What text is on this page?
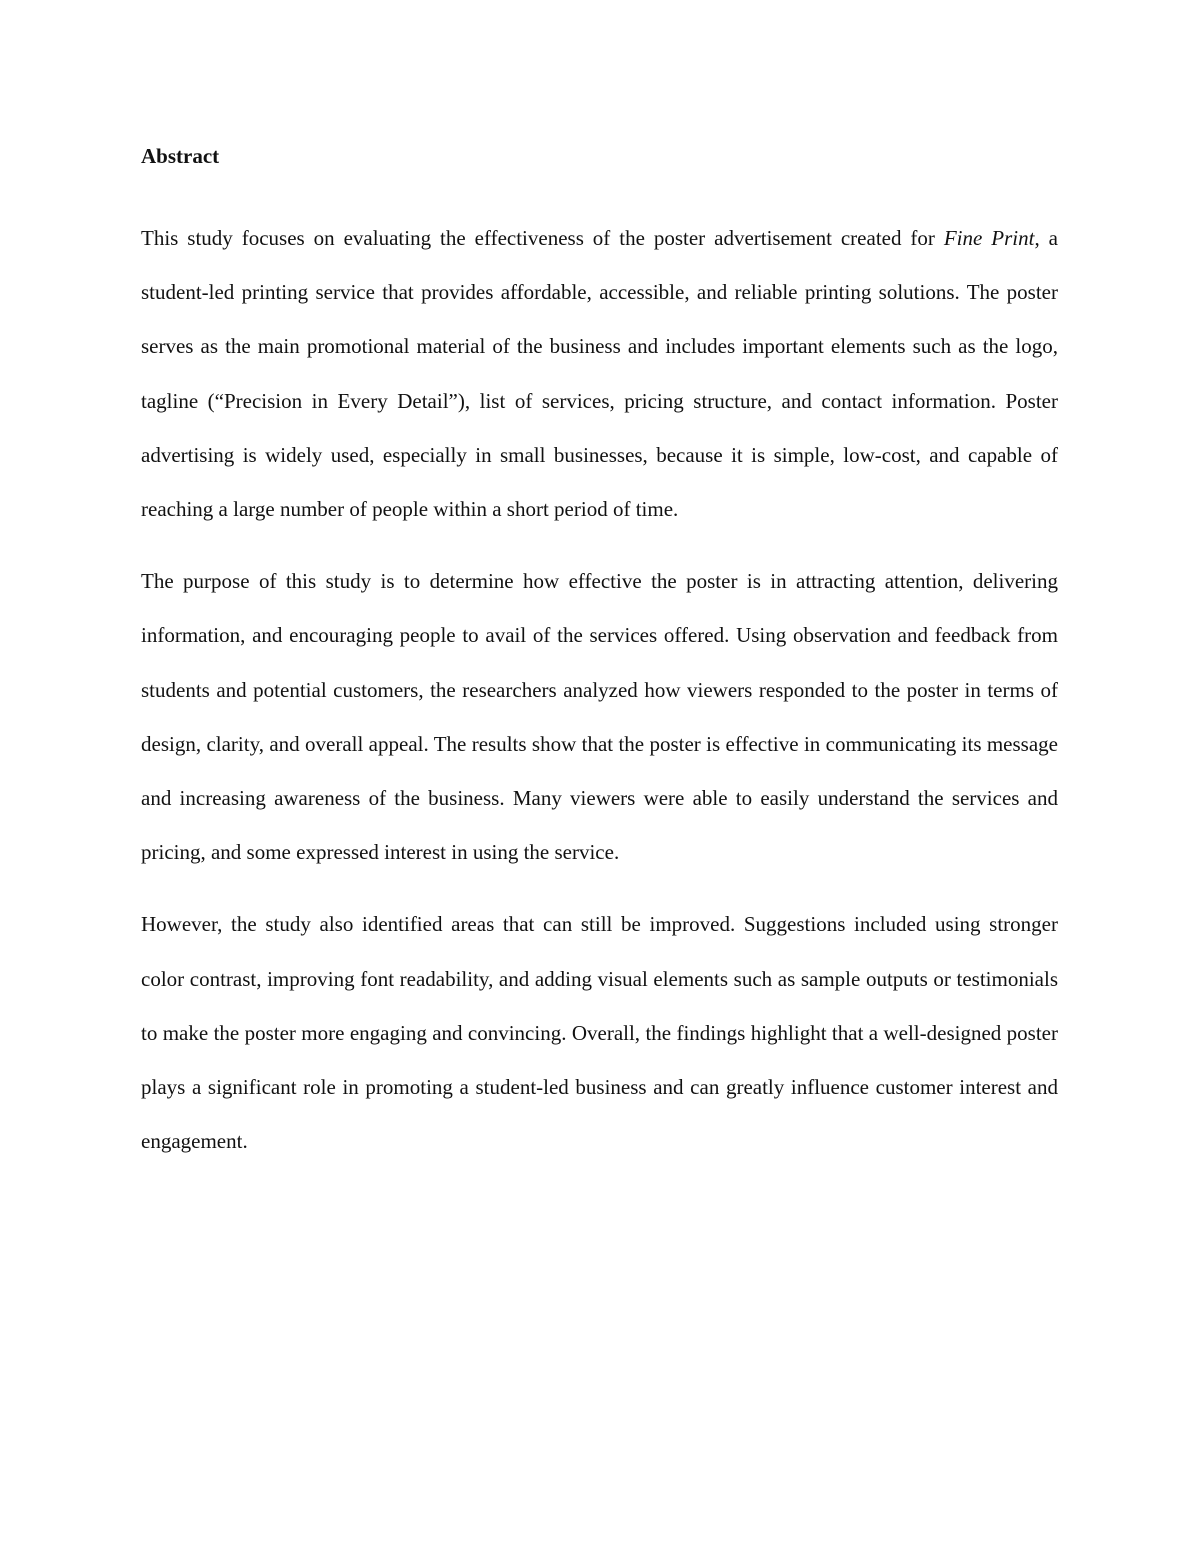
Abstract

This study focuses on evaluating the effectiveness of the poster advertisement created for Fine Print, a student-led printing service that provides affordable, accessible, and reliable printing solutions. The poster serves as the main promotional material of the business and includes important elements such as the logo, tagline (“Precision in Every Detail”), list of services, pricing structure, and contact information. Poster advertising is widely used, especially in small businesses, because it is simple, low-cost, and capable of reaching a large number of people within a short period of time.

The purpose of this study is to determine how effective the poster is in attracting attention, delivering information, and encouraging people to avail of the services offered. Using observation and feedback from students and potential customers, the researchers analyzed how viewers responded to the poster in terms of design, clarity, and overall appeal. The results show that the poster is effective in communicating its message and increasing awareness of the business. Many viewers were able to easily understand the services and pricing, and some expressed interest in using the service.

However, the study also identified areas that can still be improved. Suggestions included using stronger color contrast, improving font readability, and adding visual elements such as sample outputs or testimonials to make the poster more engaging and convincing. Overall, the findings highlight that a well-designed poster plays a significant role in promoting a student-led business and can greatly influence customer interest and engagement.
